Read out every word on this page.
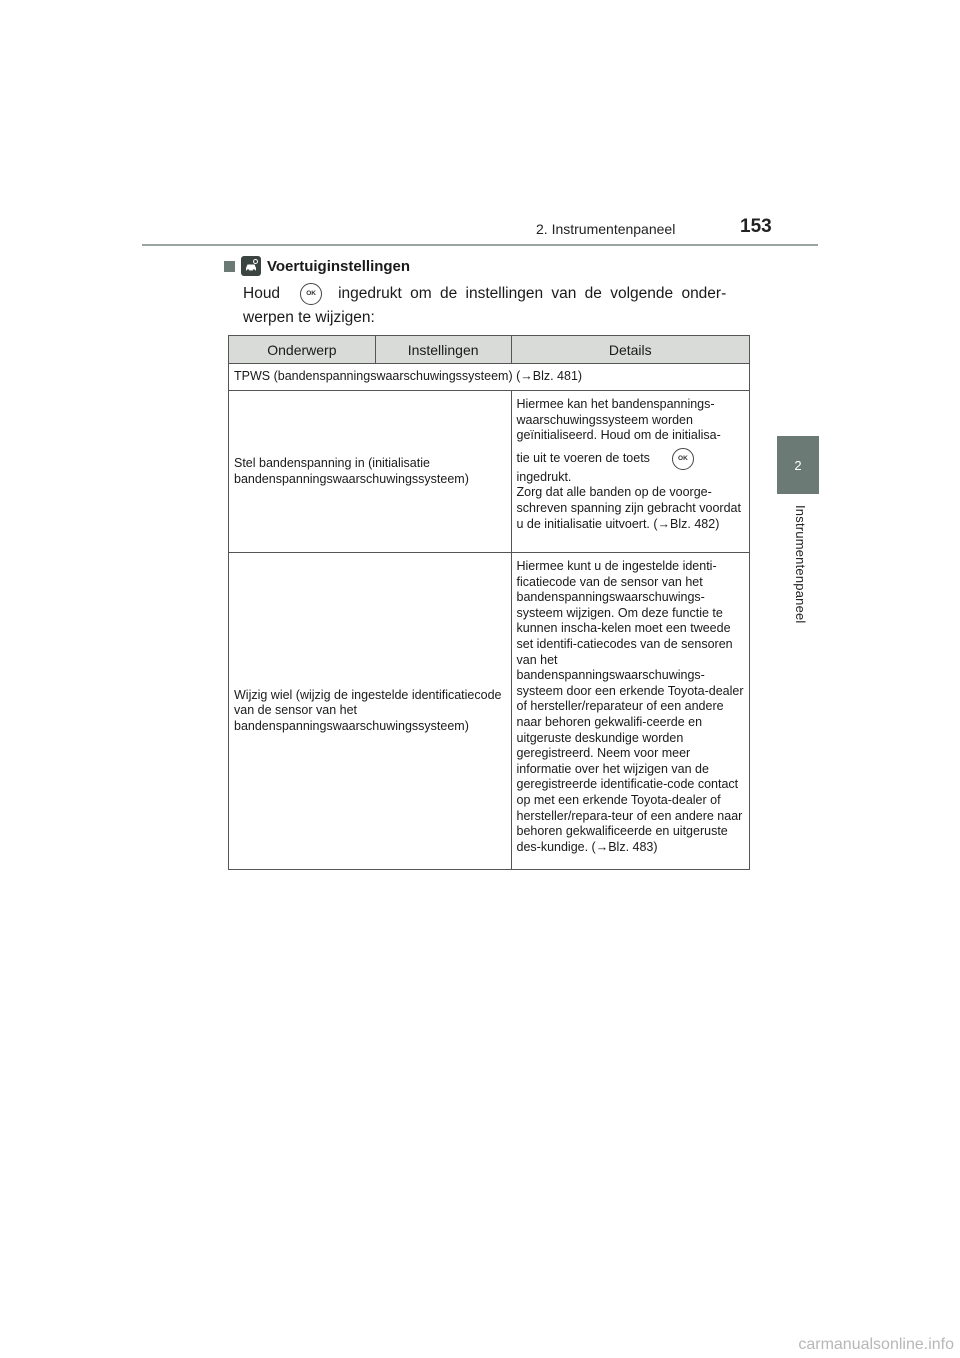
2. Instrumentenpaneel	153
2
Instrumentenpaneel
Voertuiginstellingen
Houd	OK ingedrukt om de instellingen van de volgende onder-
werpen te wijzigen:
Onderwerp	Instellingen	Details
TPWS (bandenspanningswaarschuwingssysteem) (→Blz. 481)		
Stel bandenspanning in (initialisatie bandenspanningswaarschuwingssysteem)		Hiermee kan het bandenspannings-waarschuwingssysteem worden geïnitialiseerd. Houd om de initialisa-
tie uit te voeren de toets OK
ingedrukt.
Zorg dat alle banden op de voorge-schreven spanning zijn gebracht voordat u de initialisatie uitvoert. (→Blz. 482)

Wijzig wiel (wijzig de ingestelde identificatiecode van de sensor van het bandenspanningswaarschuwingssysteem)		Hiermee kunt u de ingestelde identi-ficatiecode van de sensor van het bandenspanningswaarschuwings-systeem wijzigen. Om deze functie te kunnen inscha-kelen moet een tweede set identifi-catiecodes van de sensoren van het bandenspanningswaarschuwings-systeem door een erkende Toyota-dealer of hersteller/reparateur of een andere naar behoren gekwalifi-ceerde en uitgeruste deskundige worden geregistreerd. Neem voor meer informatie over het wijzigen van de geregistreerde identificatie-code contact op met een erkende Toyota-dealer of hersteller/repara-teur of een andere naar behoren gekwalificeerde en uitgeruste des-kundige. (→Blz. 483)
carmanualsonline.info
